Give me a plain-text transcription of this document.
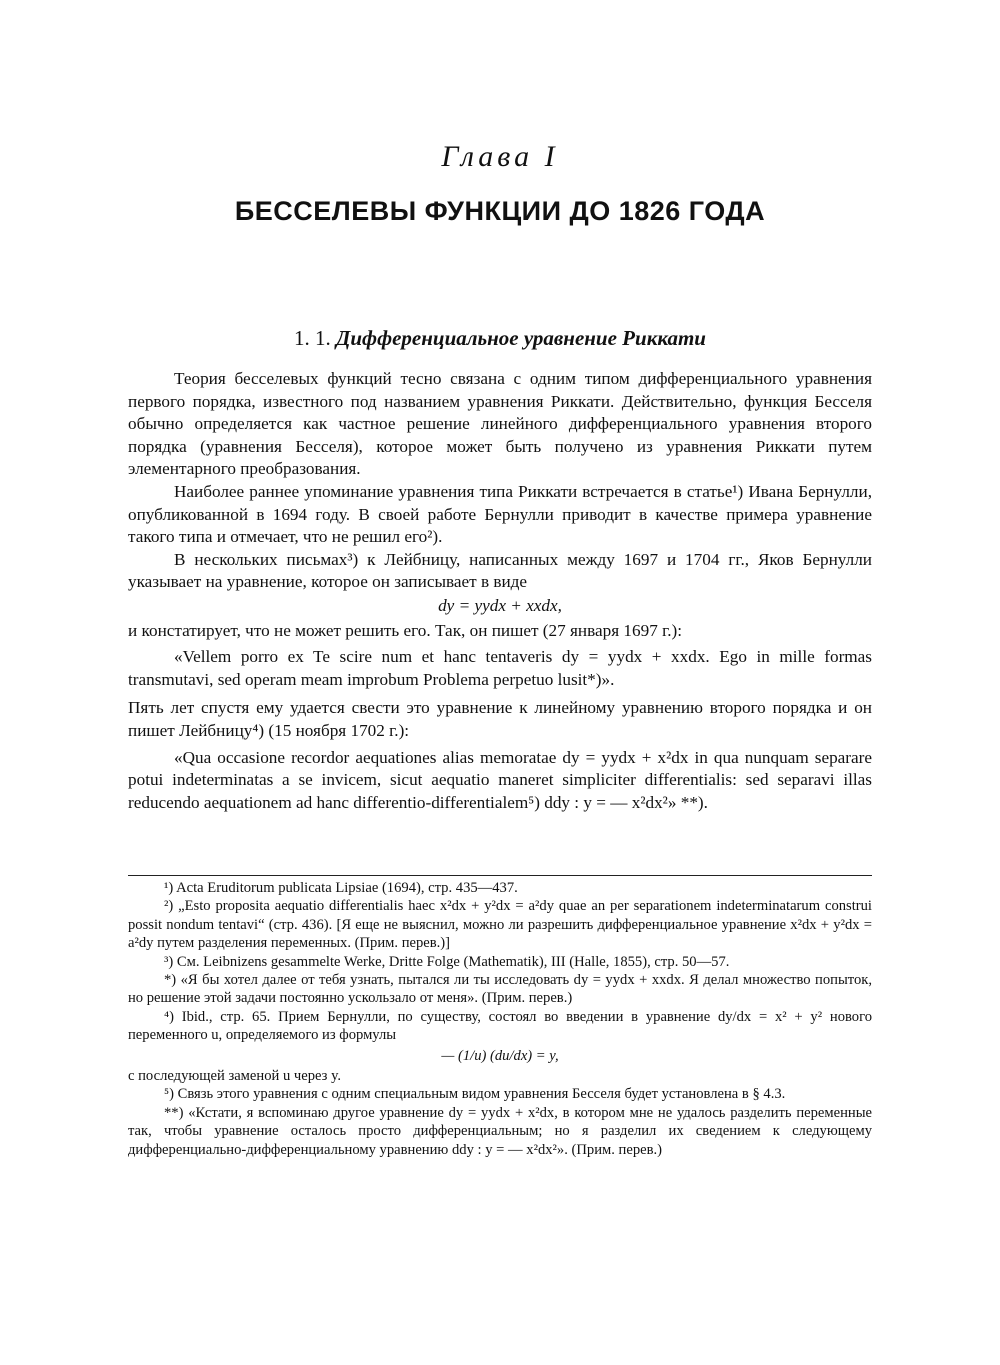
Глава I
БЕССЕЛЕВЫ ФУНКЦИИ ДО 1826 ГОДА
1. 1. Дифференциальное уравнение Риккати

Теория бесселевых функций тесно связана с одним типом дифференциального уравнения первого порядка, известного под названием уравнения Риккати. Действительно, функция Бесселя обычно определяется как частное решение линейного дифференциального уравнения второго порядка (уравнения Бесселя), которое может быть получено из уравнения Риккати путем элементарного преобразования.

Наиболее раннее упоминание уравнения типа Риккати встречается в статье¹) Ивана Бернулли, опубликованной в 1694 году. В своей работе Бернулли приводит в качестве примера уравнение такого типа и отмечает, что не решил его²).

В нескольких письмах³) к Лейбницу, написанных между 1697 и 1704 гг., Яков Бернулли указывает на уравнение, которое он записывает в виде

dy = yydx + xxdx,

и констатирует, что не может решить его. Так, он пишет (27 января 1697 г.):

«Vellem porro ex Te scire num et hanc tentaveris dy = yydx + xxdx. Ego in mille formas transmutavi, sed operam meam improbum Problema perpetuo lusit*)».

Пять лет спустя ему удается свести это уравнение к линейному уравнению второго порядка и он пишет Лейбницу⁴) (15 ноября 1702 г.):

«Qua occasione recordor aequationes alias memoratae dy = yydx + x²dx in qua nunquam separare potui indeterminatas a se invicem, sicut aequatio maneret simpliciter differentialis: sed separavi illas reducendo aequationem ad hanc differentio-differentialem⁵) ddy : y = — x²dx²» **).

¹) Acta Eruditorum publicata Lipsiae (1694), стр. 435—437.

²) „Esto proposita aequatio differentialis haec x²dx + y²dx = a²dy quae an per separationem indeterminatarum construi possit nondum tentavi“ (стр. 436). [Я еще не выяснил, можно ли разрешить дифференциальное уравнение x²dx + y²dx = a²dy путем разделения переменных. (Прим. перев.)]

³) См. Leibnizens gesammelte Werke, Dritte Folge (Mathematik), III (Halle, 1855), стр. 50—57.

*) «Я бы хотел далее от тебя узнать, пытался ли ты исследовать dy = yydx + xxdx. Я делал множество попыток, но решение этой задачи постоянно ускользало от меня». (Прим. перев.)

⁴) Ibid., стр. 65. Прием Бернулли, по существу, состоял во введении в уравнение dy/dx = x² + y² нового переменного u, определяемого из формулы

— (1/u) (du/dx) = y,

с последующей заменой u через y.

⁵) Связь этого уравнения с одним специальным видом уравнения Бесселя будет установлена в § 4.3.

**) «Кстати, я вспоминаю другое уравнение dy = yydx + x²dx, в котором мне не удалось разделить переменные так, чтобы уравнение осталось просто дифференциальным; но я разделил их сведением к следующему дифференциально-дифференциальному уравнению ddy : y = — x²dx²». (Прим. перев.)
